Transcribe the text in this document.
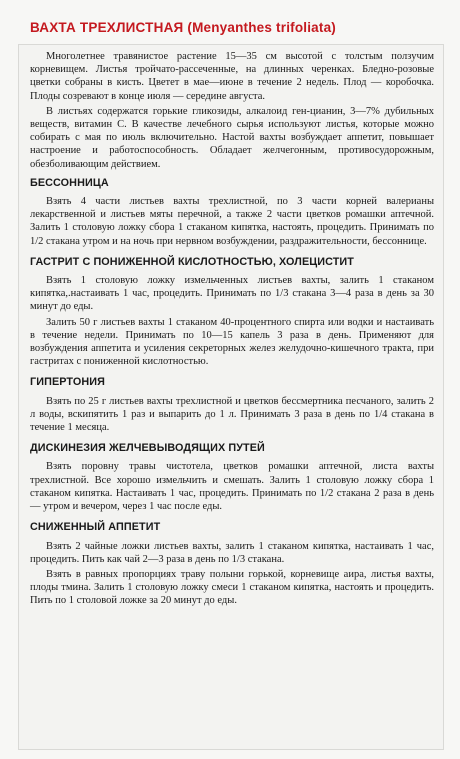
ВАХТА ТРЕХЛИСТНАЯ (Menyanthes trifoliata)

Многолетнее травянистое растение 15—35 см высотой с толстым ползучим корневищем. Листья тройчато-рассеченные, на длинных черенках. Бледно-розовые цветки собраны в кисть. Цветет в мае—июне в течение 2 недель. Плод — коробочка. Плоды созревают в конце июля — середине августа.

В листьях содержатся горькие гликозиды, алкалоид ген-цианин, 3—7% дубильных веществ, витамин С. В качестве лечебного сырья используют листья, которые можно собирать с мая по июль включительно. Настой вахты возбуждает аппетит, повышает настроение и работоспособность. Обладает желчегонным, противосудорожным, обезболивающим действием.

БЕССОННИЦА

Взять 4 части листьев вахты трехлистной, по 3 части корней валерианы лекарственной и листьев мяты перечной, а также 2 части цветков ромашки аптечной. Залить 1 столовую ложку сбора 1 стаканом кипятка, настоять, процедить. Принимать по 1/2 стакана утром и на ночь при нервном возбуждении, раздражительности, бессоннице.

ГАСТРИТ С ПОНИЖЕННОЙ КИСЛОТНОСТЬЮ, ХОЛЕЦИСТИТ

Взять 1 столовую ложку измельченных листьев вахты, залить 1 стаканом кипятка,.настаивать 1 час, процедить. Принимать по 1/3 стакана 3—4 раза в день за 30 минут до еды.

Залить 50 г листьев вахты 1 стаканом 40-процентного спирта или водки и настаивать в течение недели. Принимать по 10—15 капель 3 раза в день. Применяют для возбуждения аппетита и усиления секреторных желез желудочно-кишечного тракта, при гастритах с пониженной кислотностью.

ГИПЕРТОНИЯ

Взять по 25 г листьев вахты трехлистной и цветков бессмертника песчаного, залить 2 л воды, вскипятить 1 раз и выпарить до 1 л. Принимать 3 раза в день по 1/4 стакана в течение 1 месяца.

ДИСКИНЕЗИЯ ЖЕЛЧЕВЫВОДЯЩИХ ПУТЕЙ

Взять поровну травы чистотела, цветков ромашки аптечной, листа вахты трехлистной. Все хорошо измельчить и смешать. Залить 1 столовую ложку сбора 1 стаканом кипятка. Настаивать 1 час, процедить. Принимать по 1/2 стакана 2 раза в день — утром и вечером, через 1 час после еды.

СНИЖЕННЫЙ АППЕТИТ

Взять 2 чайные ложки листьев вахты, залить 1 стаканом кипятка, настаивать 1 час, процедить. Пить как чай 2—3 раза в день по 1/3 стакана.

Взять в равных пропорциях траву полыни горькой, корневище аира, листья вахты, плоды тмина. Залить 1 столовую ложку смеси 1 стаканом кипятка, настоять и процедить. Пить по 1 столовой ложке за 20 минут до еды.
